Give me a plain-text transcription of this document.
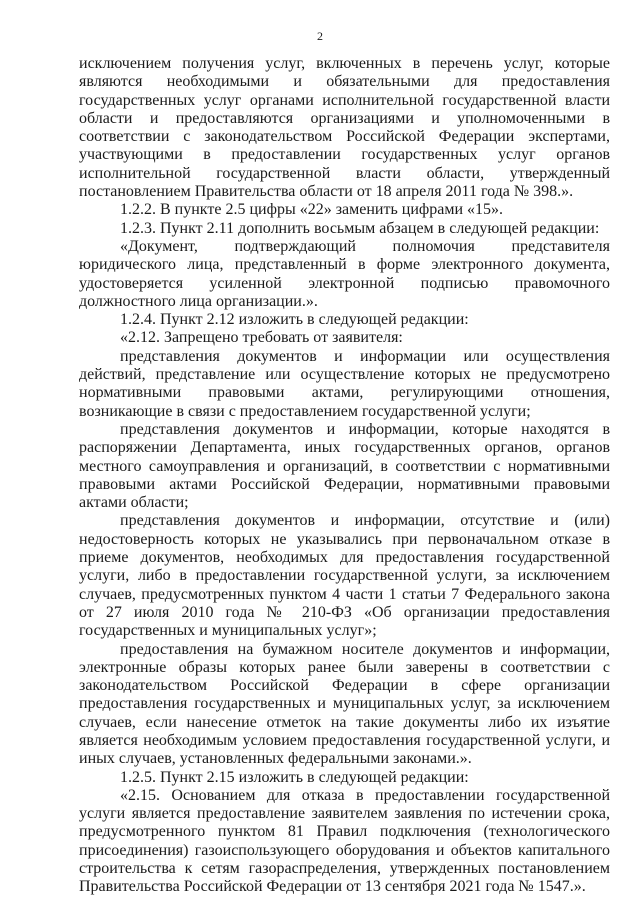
2

исключением получения услуг, включенных в перечень услуг, которые являются необходимыми и обязательными для предоставления государственных услуг органами исполнительной государственной власти области и предоставляются организациями и уполномоченными в соответствии с законодательством Российской Федерации экспертами, участвующими в предоставлении государственных услуг органов исполнительной государственной власти области, утвержденный постановлением Правительства области от 18 апреля 2011 года № 398.».

1.2.2. В пункте 2.5 цифры «22» заменить цифрами «15».

1.2.3. Пункт 2.11 дополнить восьмым абзацем в следующей редакции:

«Документ, подтверждающий полномочия представителя юридического лица, представленный в форме электронного документа, удостоверяется усиленной электронной подписью правомочного должностного лица организации.».

1.2.4. Пункт 2.12 изложить в следующей редакции:

«2.12. Запрещено требовать от заявителя:

представления документов и информации или осуществления действий, представление или осуществление которых не предусмотрено нормативными правовыми актами, регулирующими отношения, возникающие в связи с предоставлением государственной услуги;

представления документов и информации, которые находятся в распоряжении Департамента, иных государственных органов, органов местного самоуправления и организаций, в соответствии с нормативными правовыми актами Российской Федерации, нормативными правовыми актами области;

представления документов и информации, отсутствие и (или) недостоверность которых не указывались при первоначальном отказе в приеме документов, необходимых для предоставления государственной услуги, либо в предоставлении государственной услуги, за исключением случаев, предусмотренных пунктом 4 части 1 статьи 7 Федерального закона от 27 июля 2010 года № 210-ФЗ «Об организации предоставления государственных и муниципальных услуг»;

предоставления на бумажном носителе документов и информации, электронные образы которых ранее были заверены в соответствии с законодательством Российской Федерации в сфере организации предоставления государственных и муниципальных услуг, за исключением случаев, если нанесение отметок на такие документы либо их изъятие является необходимым условием предоставления государственной услуги, и иных случаев, установленных федеральными законами.».

1.2.5. Пункт 2.15 изложить в следующей редакции:

«2.15. Основанием для отказа в предоставлении государственной услуги является предоставление заявителем заявления по истечении срока, предусмотренного пунктом 81 Правил подключения (технологического присоединения) газоиспользующего оборудования и объектов капитального строительства к сетям газораспределения, утвержденных постановлением Правительства Российской Федерации от 13 сентября 2021 года № 1547.».
